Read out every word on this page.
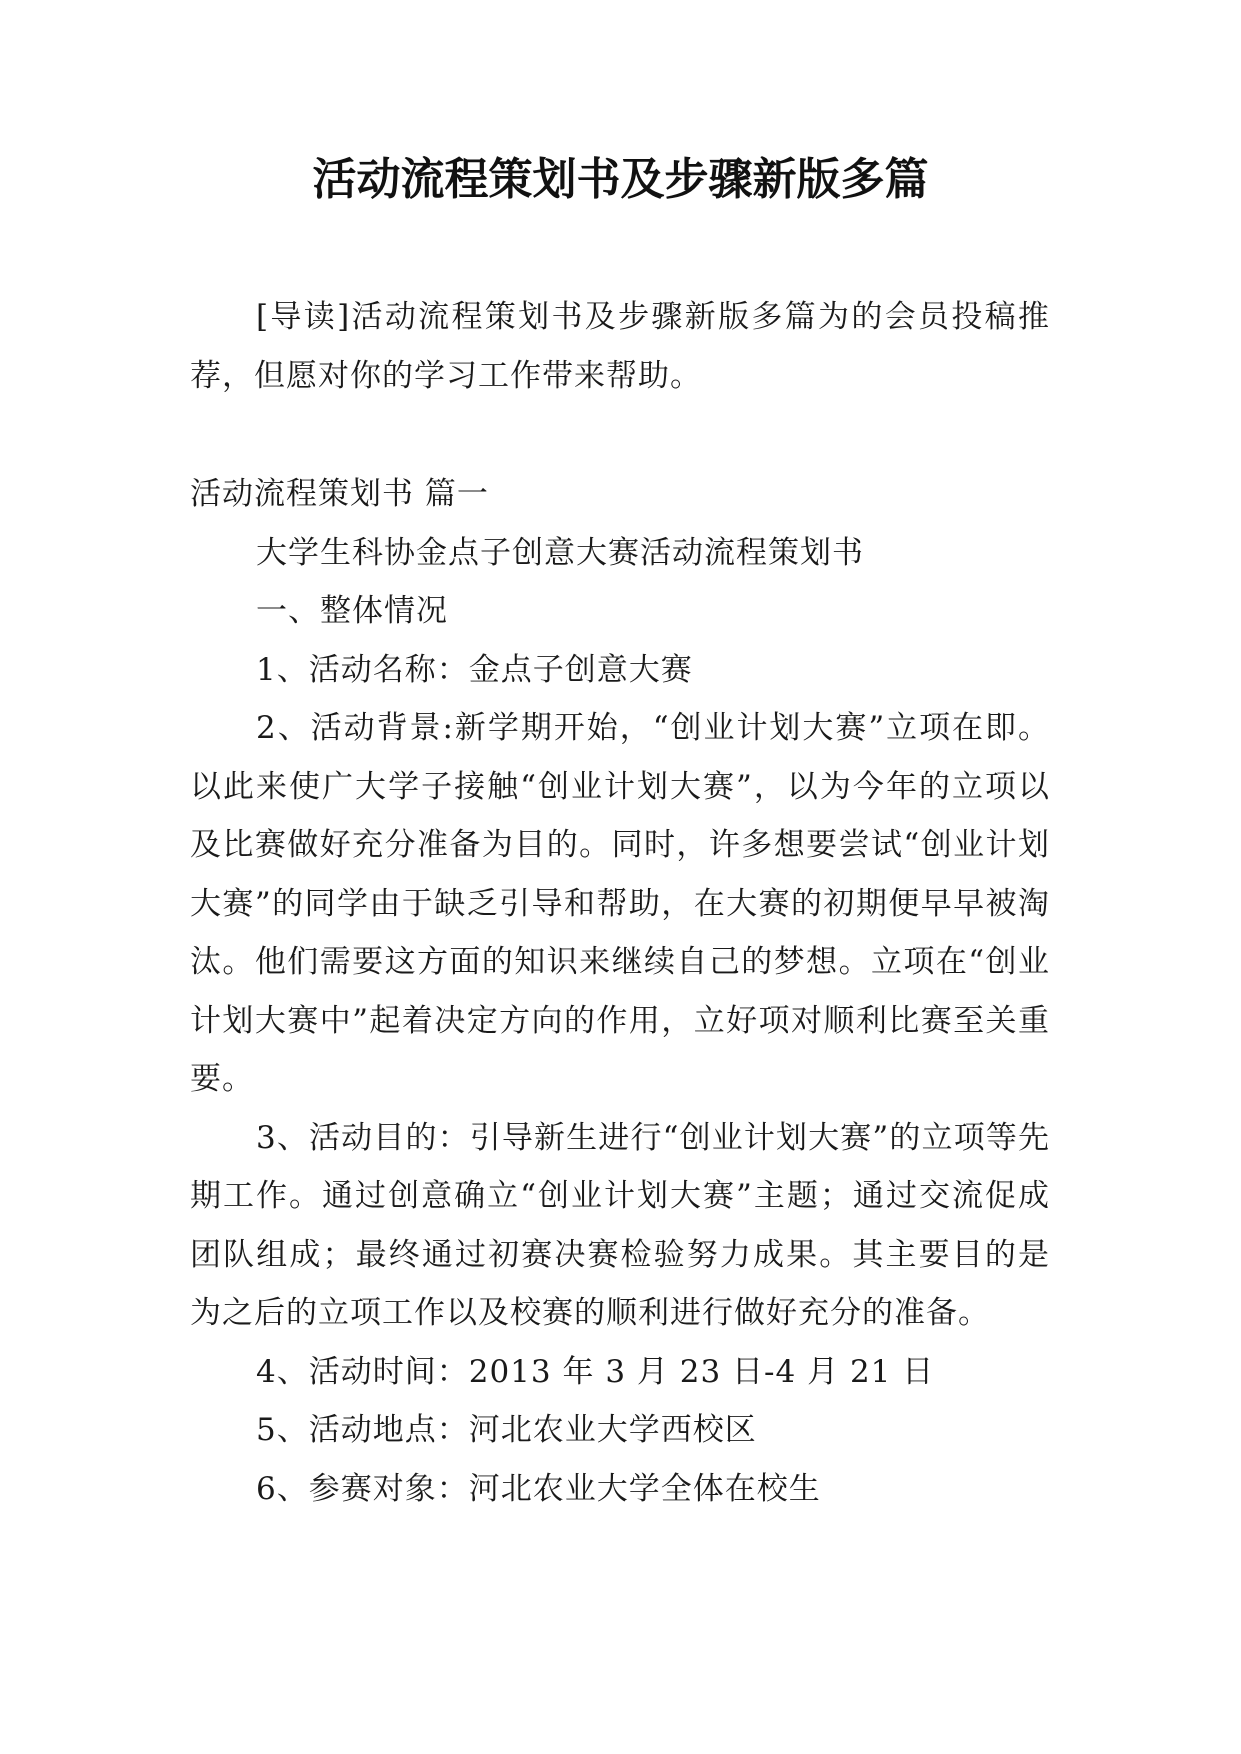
活动流程策划书及步骤新版多篇

[导读]活动流程策划书及步骤新版多篇为的会员投稿推荐，但愿对你的学习工作带来帮助。

活动流程策划书 篇一

大学生科协金点子创意大赛活动流程策划书

一、整体情况

1、活动名称：金点子创意大赛

2、活动背景:新学期开始，“创业计划大赛”立项在即。以此来使广大学子接触“创业计划大赛”，以为今年的立项以及比赛做好充分准备为目的。同时，许多想要尝试“创业计划大赛”的同学由于缺乏引导和帮助，在大赛的初期便早早被淘汰。他们需要这方面的知识来继续自己的梦想。立项在“创业计划大赛中”起着决定方向的作用，立好项对顺利比赛至关重要。

3、活动目的：引导新生进行“创业计划大赛”的立项等先期工作。通过创意确立“创业计划大赛”主题；通过交流促成团队组成；最终通过初赛决赛检验努力成果。其主要目的是为之后的立项工作以及校赛的顺利进行做好充分的准备。

4、活动时间：2013 年 3 月 23 日-4 月 21 日

5、活动地点：河北农业大学西校区

6、参赛对象：河北农业大学全体在校生
